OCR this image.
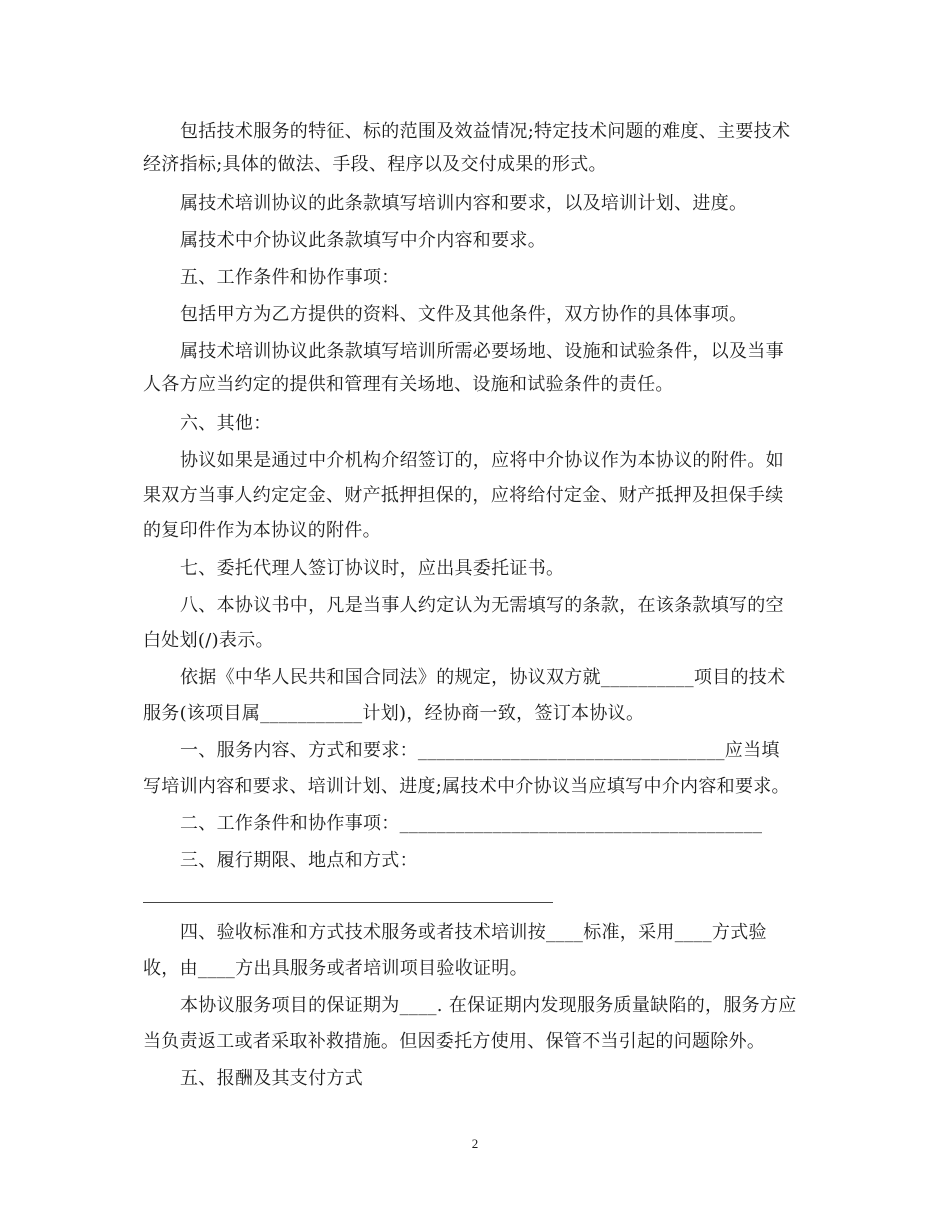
包括技术服务的特征、标的范围及效益情况;特定技术问题的难度、主要技术
经济指标;具体的做法、手段、程序以及交付成果的形式。
属技术培训协议的此条款填写培训内容和要求，以及培训计划、进度。
属技术中介协议此条款填写中介内容和要求。
五、工作条件和协作事项：
包括甲方为乙方提供的资料、文件及其他条件，双方协作的具体事项。
属技术培训协议此条款填写培训所需必要场地、设施和试验条件，以及当事
人各方应当约定的提供和管理有关场地、设施和试验条件的责任。
六、其他：
协议如果是通过中介机构介绍签订的，应将中介协议作为本协议的附件。如
果双方当事人约定定金、财产抵押担保的，应将给付定金、财产抵押及担保手续
的复印件作为本协议的附件。
七、委托代理人签订协议时，应出具委托证书。
八、本协议书中，凡是当事人约定认为无需填写的条款，在该条款填写的空
白处划(/)表示。
依据《中华人民共和国合同法》的规定，协议双方就__________项目的技术
服务(该项目属___________计划)，经协商一致，签订本协议。
一、服务内容、方式和要求：_________________________________应当填
写培训内容和要求、培训计划、进度;属技术中介协议当应填写中介内容和要求。
二、工作条件和协作事项：_______________________________________
三、履行期限、地点和方式：
四、验收标准和方式技术服务或者技术培训按____标准，采用____方式验
收，由____方出具服务或者培训项目验收证明。
本协议服务项目的保证期为____. 在保证期内发现服务质量缺陷的，服务方应
当负责返工或者采取补救措施。但因委托方使用、保管不当引起的问题除外。
五、报酬及其支付方式
2
